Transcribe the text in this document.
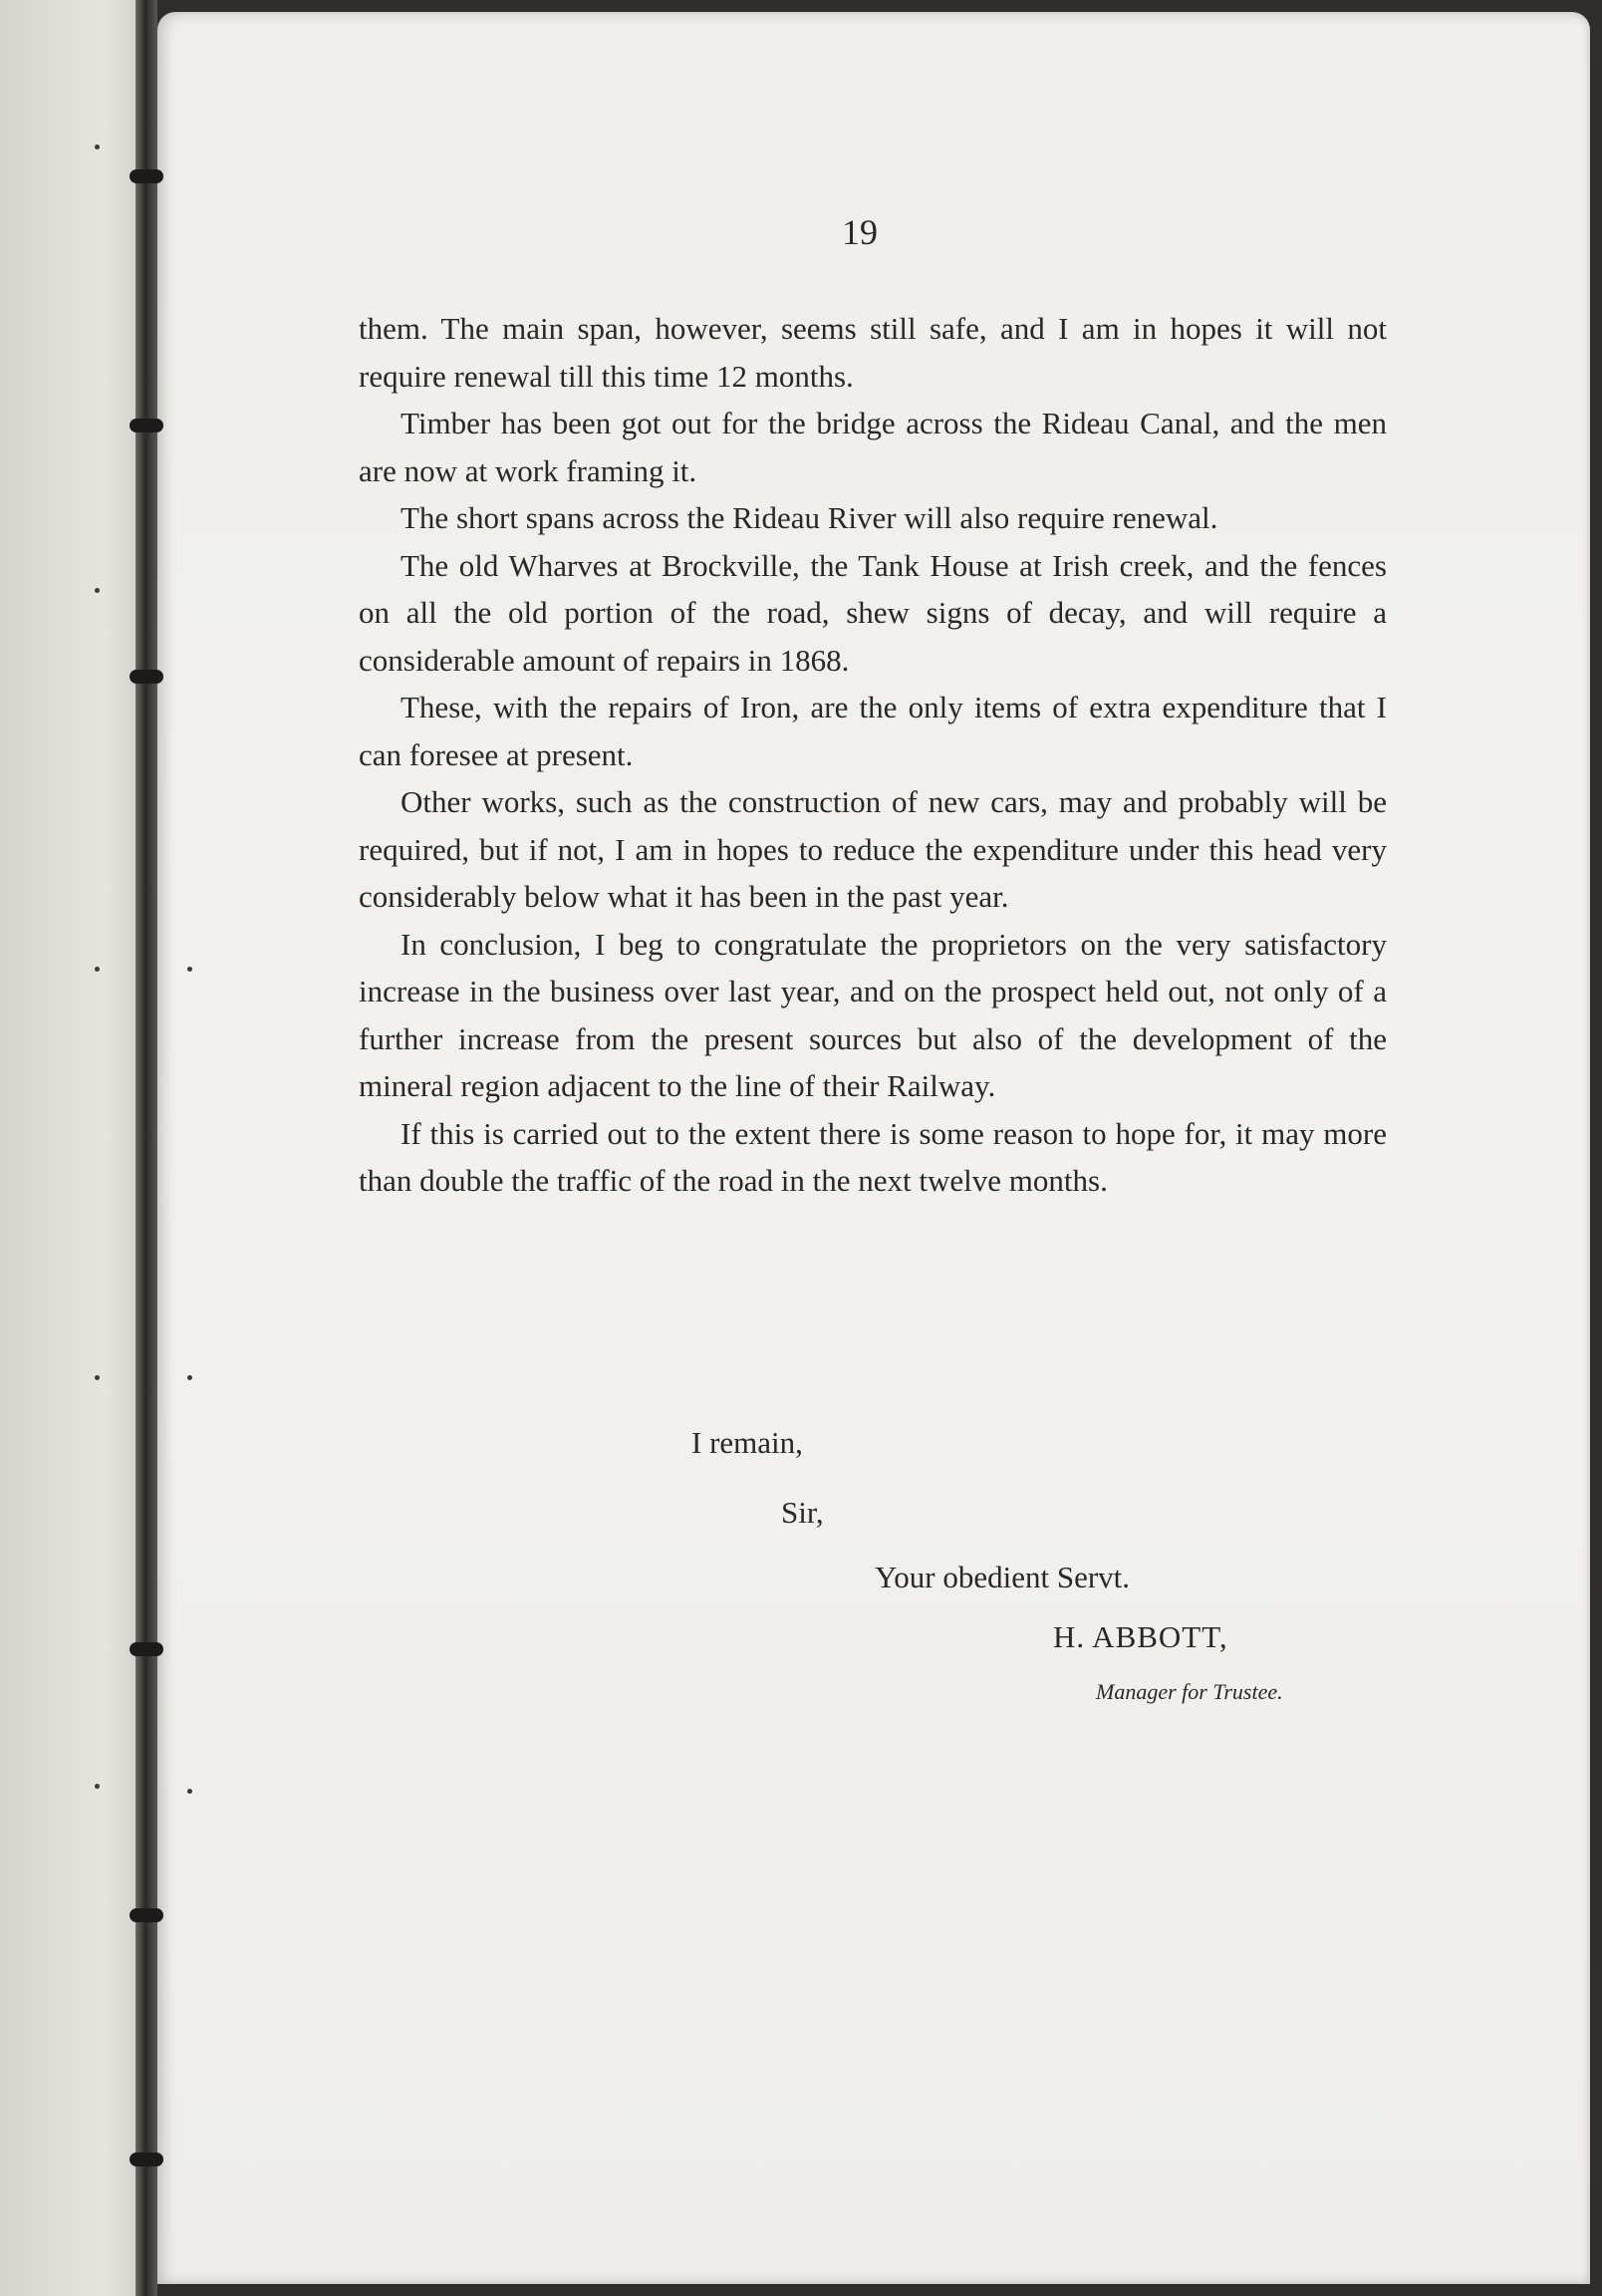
19

them. The main span, however, seems still safe, and I am in hopes it will not require renewal till this time 12 months.

Timber has been got out for the bridge across the Rideau Canal, and the men are now at work framing it.

The short spans across the Rideau River will also require renewal.

The old Wharves at Brockville, the Tank House at Irish creek, and the fences on all the old portion of the road, shew signs of decay, and will require a considerable amount of repairs in 1868.

These, with the repairs of Iron, are the only items of extra expenditure that I can foresee at present.

Other works, such as the construction of new cars, may and probably will be required, but if not, I am in hopes to reduce the expenditure under this head very considerably below what it has been in the past year.

In conclusion, I beg to congratulate the proprietors on the very satisfactory increase in the business over last year, and on the prospect held out, not only of a further increase from the present sources but also of the development of the mineral region adjacent to the line of their Railway.

If this is carried out to the extent there is some reason to hope for, it may more than double the traffic of the road in the next twelve months.

I remain,
Sir,
Your obedient Servt.
H. ABBOTT,
Manager for Trustee.
